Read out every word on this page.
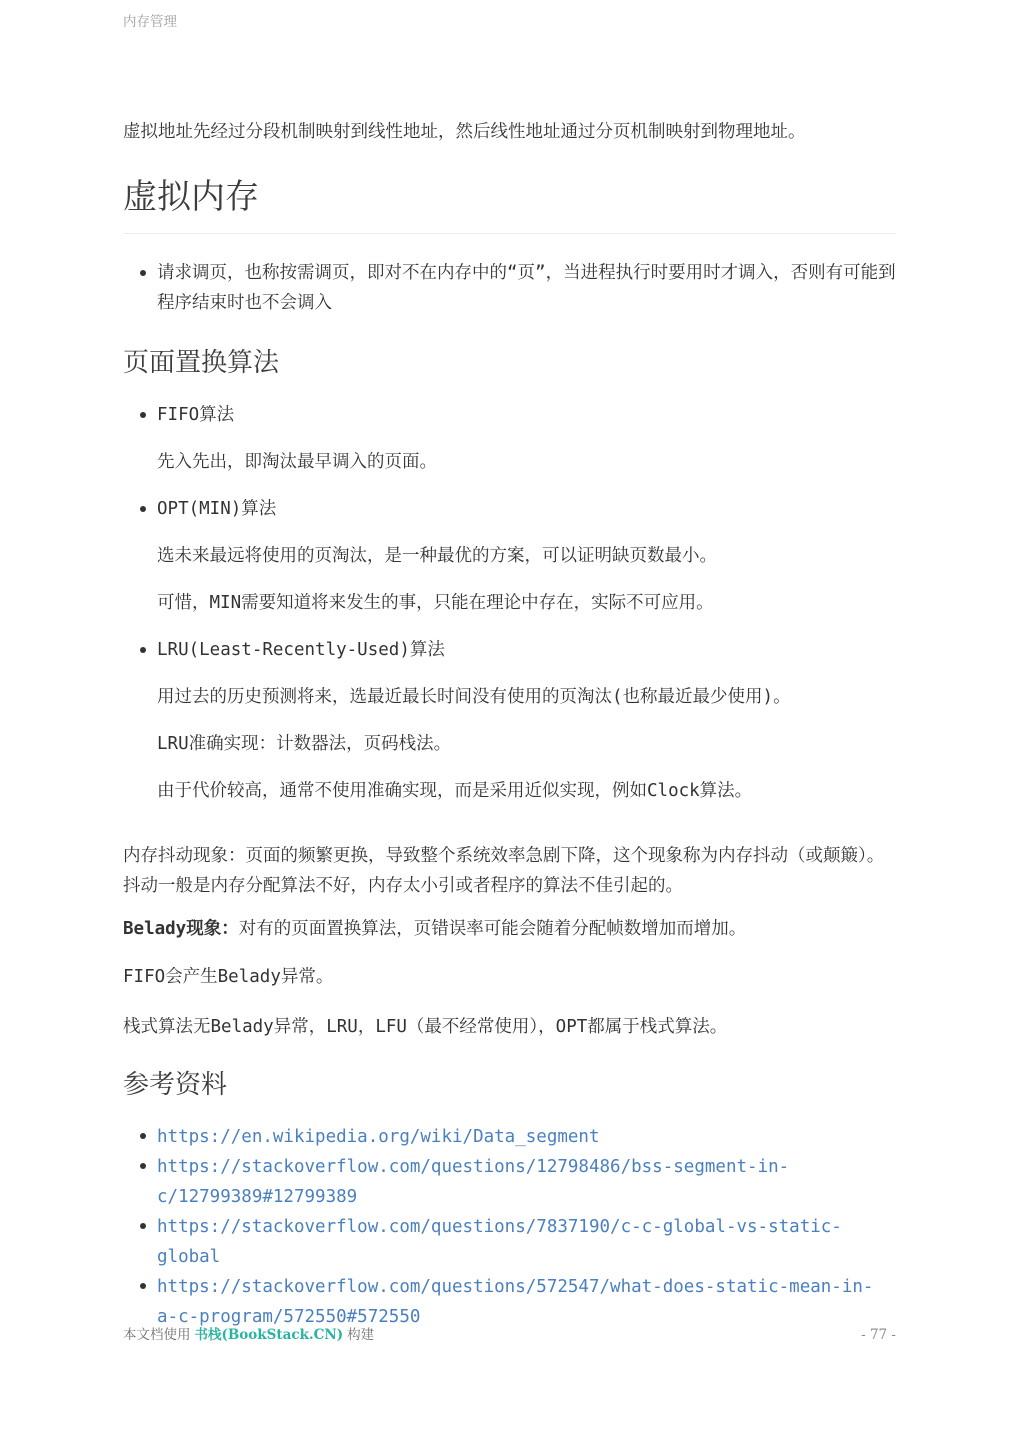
内存管理

虚拟地址先经过分段机制映射到线性地址，然后线性地址通过分页机制映射到物理地址。

虚拟内存
请求调页，也称按需调页，即对不在内存中的“页”，当进程执行时要用时才调入，否则有可能到程序结束时也不会调入
页面置换算法
FIFO算法

先入先出，即淘汰最早调入的页面。

OPT(MIN)算法

选未来最远将使用的页淘汰，是一种最优的方案，可以证明缺页数最小。

可惜，MIN需要知道将来发生的事，只能在理论中存在，实际不可应用。

LRU(Least-Recently-Used)算法

用过去的历史预测将来，选最近最长时间没有使用的页淘汰(也称最近最少使用)。

LRU准确实现：计数器法，页码栈法。

由于代价较高，通常不使用准确实现，而是采用近似实现，例如Clock算法。

内存抖动现象：页面的频繁更换，导致整个系统效率急剧下降，这个现象称为内存抖动（或颠簸）。抖动一般是内存分配算法不好，内存太小引或者程序的算法不佳引起的。

Belady现象：对有的页面置换算法，页错误率可能会随着分配帧数增加而增加。

FIFO会产生Belady异常。

栈式算法无Belady异常，LRU，LFU（最不经常使用），OPT都属于栈式算法。

参考资料
https://en.wikipedia.org/wiki/Data_segment
https://stackoverflow.com/questions/12798486/bss-segment-in-c/12799389#12799389
https://stackoverflow.com/questions/7837190/c-c-global-vs-static-global
https://stackoverflow.com/questions/572547/what-does-static-mean-in-a-c-program/572550#572550
本文档使用 书栈(BookStack.CN) 构建	- 77 -
